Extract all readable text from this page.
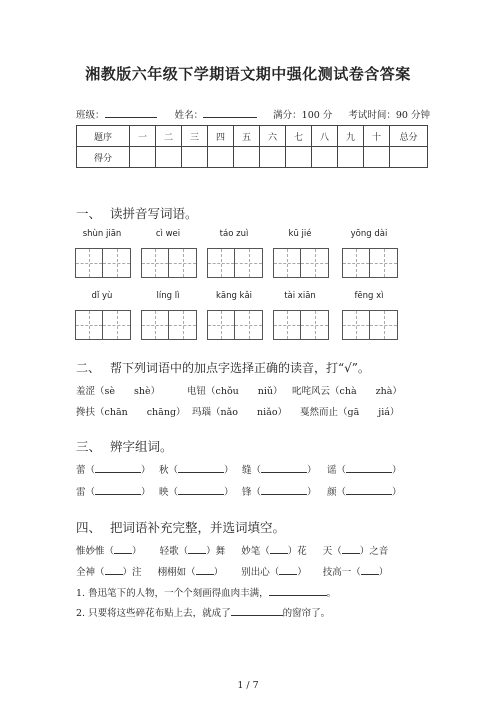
湘教版六年级下学期语文期中强化测试卷含答案
班级：	姓名：	满分：100 分 考试时间：90 分钟
题序	一	二	三	四	五	六	七	八	九	十	总分
得分											
一、 读拼音写词语。
shùn jiān	cì wei	táo zuì	kū jié	yōng dài
dǐ yù	líng lì	kāng kǎi	tài xiān	fēng xì
二、 帮下列词语中的加点字选择正确的读音，打“√”。
羞涩（sè　　shè）	电钮（chǒu　　niǔ） 叱咤风云（chà　　zhà）
搀扶（chān　　chāng） 玛瑙（nǎo　　niǎo） 戛然而止（gā　　jiá）
三、 辨字组词。
蕾（	） 秋（	） 缝（	） 谣（	）
雷（	） 映（	） 锋（	） 颜（	）
四、 把词语补充完整，并选词填空。
惟妙惟（ ） 轻歌（ ）舞 妙笔（ ）花 天（ ）之音
全神（ ）注 栩栩如（ ） 别出心（ ） 技高一（ ）
1. 鲁迅笔下的人物，一个个刻画得血肉丰满，	。
2. 只要将这些碎花布贴上去，就成了	的窗帘了。
1 / 7
